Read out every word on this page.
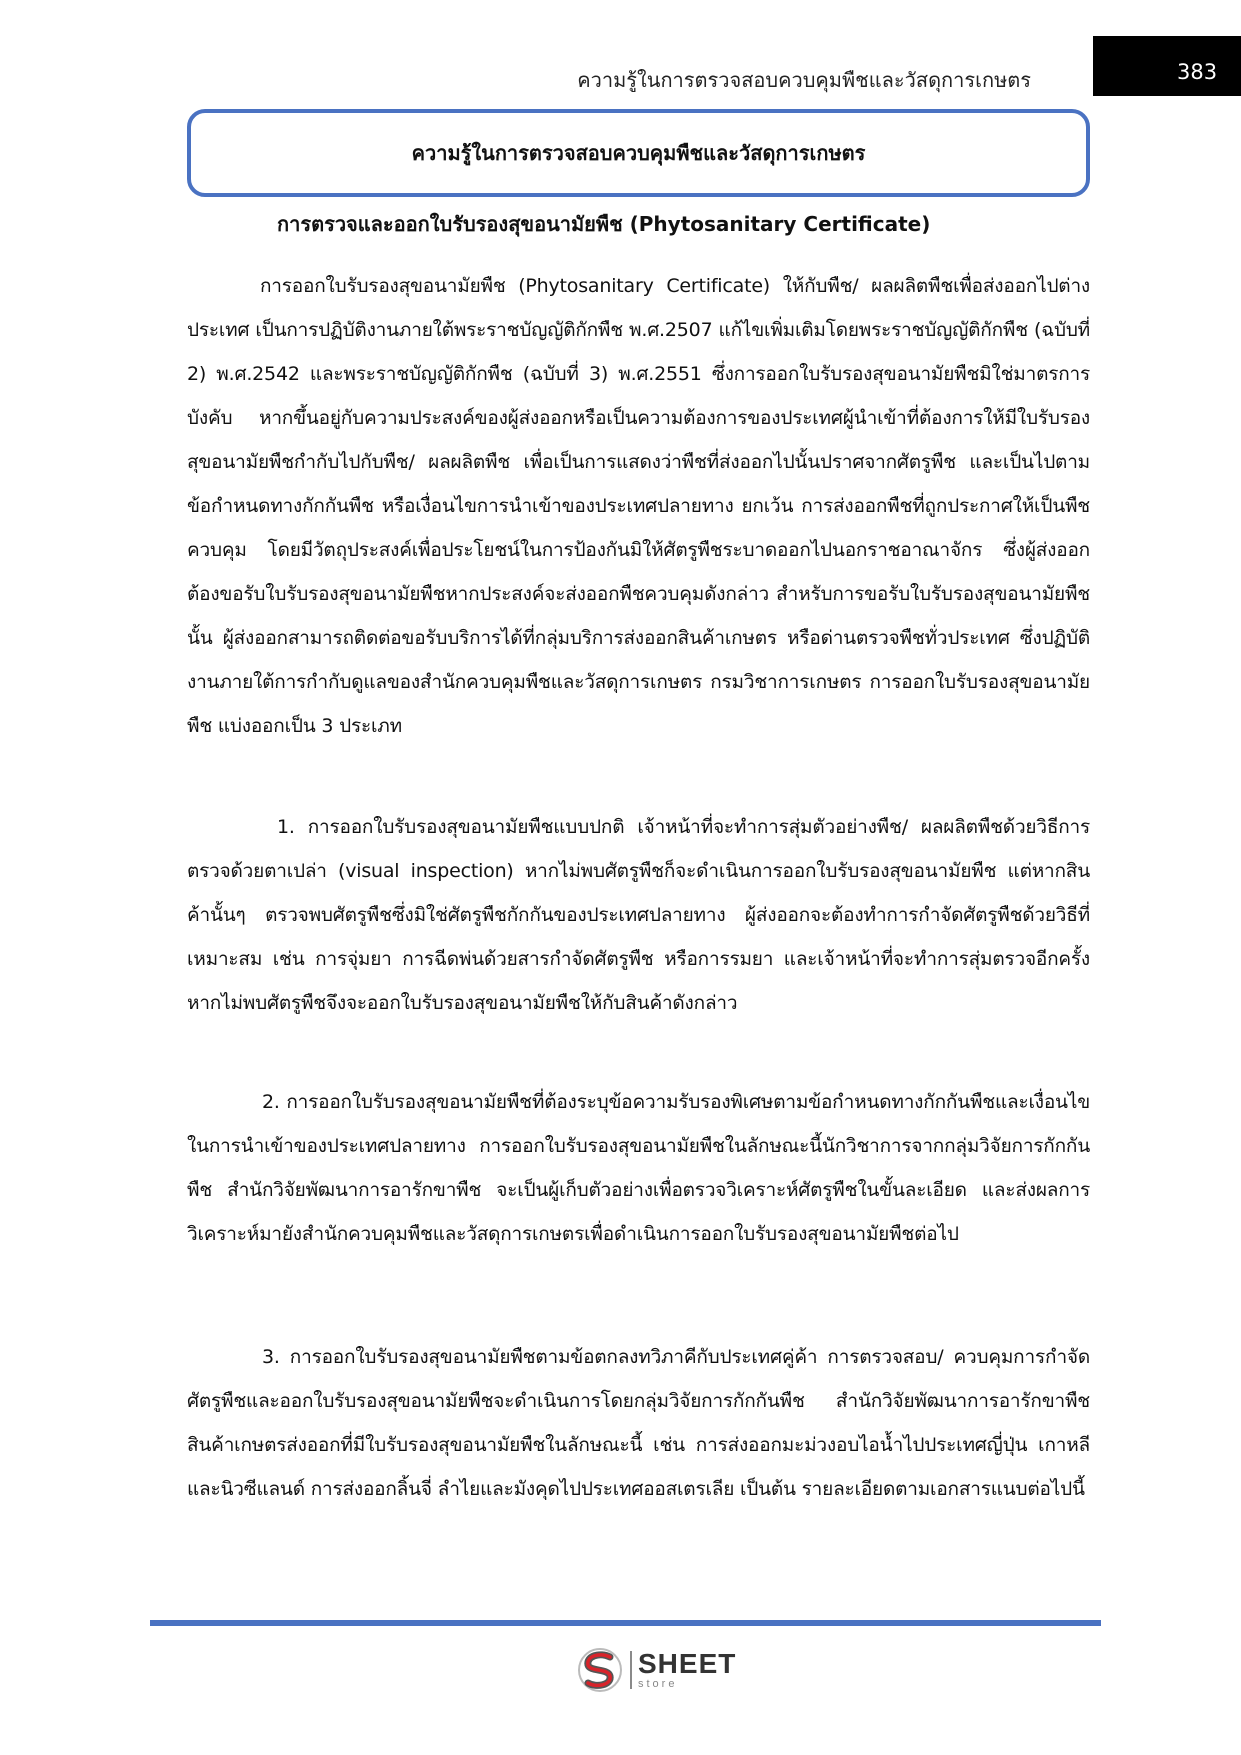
383
ความรู้ในการตรวจสอบควบคุมพืชและวัสดุการเกษตร
ความรู้ในการตรวจสอบควบคุมพืชและวัสดุการเกษตร
การตรวจและออกใบรับรองสุขอนามัยพืช (Phytosanitary Certificate)

การออกใบรับรองสุขอนามัยพืช (Phytosanitary Certificate) ให้กับพืช/ ผลผลิตพืชเพื่อส่งออกไปต่างประเทศ เป็นการปฏิบัติงานภายใต้พระราชบัญญัติกักพืช พ.ศ.2507 แก้ไขเพิ่มเติมโดยพระราชบัญญัติกักพืช (ฉบับที่ 2) พ.ศ.2542 และพระราชบัญญัติกักพืช (ฉบับที่ 3) พ.ศ.2551 ซึ่งการออกใบรับรองสุขอนามัยพืชมิใช่มาตรการบังคับ หากขึ้นอยู่กับความประสงค์ของผู้ส่งออกหรือเป็นความต้องการของประเทศผู้นำเข้าที่ต้องการให้มีใบรับรองสุขอนามัยพืชกำกับไปกับพืช/ ผลผลิตพืช เพื่อเป็นการแสดงว่าพืชที่ส่งออกไปนั้นปราศจากศัตรูพืช และเป็นไปตามข้อกำหนดทางกักกันพืช หรือเงื่อนไขการนำเข้าของประเทศปลายทาง ยกเว้น การส่งออกพืชที่ถูกประกาศให้เป็นพืชควบคุม โดยมีวัตถุประสงค์เพื่อประโยชน์ในการป้องกันมิให้ศัตรูพืชระบาดออกไปนอกราชอาณาจักร ซึ่งผู้ส่งออกต้องขอรับใบรับรองสุขอนามัยพืชหากประสงค์จะส่งออกพืชควบคุมดังกล่าว สำหรับการขอรับใบรับรองสุขอนามัยพืชนั้น ผู้ส่งออกสามารถติดต่อขอรับบริการได้ที่กลุ่มบริการส่งออกสินค้าเกษตร หรือด่านตรวจพืชทั่วประเทศ ซึ่งปฏิบัติงานภายใต้การกำกับดูแลของสำนักควบคุมพืชและวัสดุการเกษตร กรมวิชาการเกษตร การออกใบรับรองสุขอนามัยพืช แบ่งออกเป็น 3 ประเภท

1. การออกใบรับรองสุขอนามัยพืชแบบปกติ เจ้าหน้าที่จะทำการสุ่มตัวอย่างพืช/ ผลผลิตพืชด้วยวิธีการตรวจด้วยตาเปล่า (visual inspection) หากไม่พบศัตรูพืชก็จะดำเนินการออกใบรับรองสุขอนามัยพืช แต่หากสินค้านั้นๆ ตรวจพบศัตรูพืชซึ่งมิใช่ศัตรูพืชกักกันของประเทศปลายทาง ผู้ส่งออกจะต้องทำการกำจัดศัตรูพืชด้วยวิธีที่เหมาะสม เช่น การจุ่มยา การฉีดพ่นด้วยสารกำจัดศัตรูพืช หรือการรมยา และเจ้าหน้าที่จะทำการสุ่มตรวจอีกครั้ง หากไม่พบศัตรูพืชจึงจะออกใบรับรองสุขอนามัยพืชให้กับสินค้าดังกล่าว

2. การออกใบรับรองสุขอนามัยพืชที่ต้องระบุข้อความรับรองพิเศษตามข้อกำหนดทางกักกันพืชและเงื่อนไขในการนำเข้าของประเทศปลายทาง การออกใบรับรองสุขอนามัยพืชในลักษณะนี้นักวิชาการจากกลุ่มวิจัยการกักกันพืช สำนักวิจัยพัฒนาการอารักขาพืช จะเป็นผู้เก็บตัวอย่างเพื่อตรวจวิเคราะห์ศัตรูพืชในขั้นละเอียด และส่งผลการวิเคราะห์มายังสำนักควบคุมพืชและวัสดุการเกษตรเพื่อดำเนินการออกใบรับรองสุขอนามัยพืชต่อไป

3. การออกใบรับรองสุขอนามัยพืชตามข้อตกลงทวิภาคีกับประเทศคู่ค้า การตรวจสอบ/ ควบคุมการกำจัดศัตรูพืชและออกใบรับรองสุขอนามัยพืชจะดำเนินการโดยกลุ่มวิจัยการกักกันพืช สำนักวิจัยพัฒนาการอารักขาพืช สินค้าเกษตรส่งออกที่มีใบรับรองสุขอนามัยพืชในลักษณะนี้ เช่น การส่งออกมะม่วงอบไอน้ำไปประเทศญี่ปุ่น เกาหลี และนิวซีแลนด์ การส่งออกลิ้นจี่ ลำไยและมังคุดไปประเทศออสเตรเลีย เป็นต้น รายละเอียดตามเอกสารแนบต่อไปนี้

SHEET
store
